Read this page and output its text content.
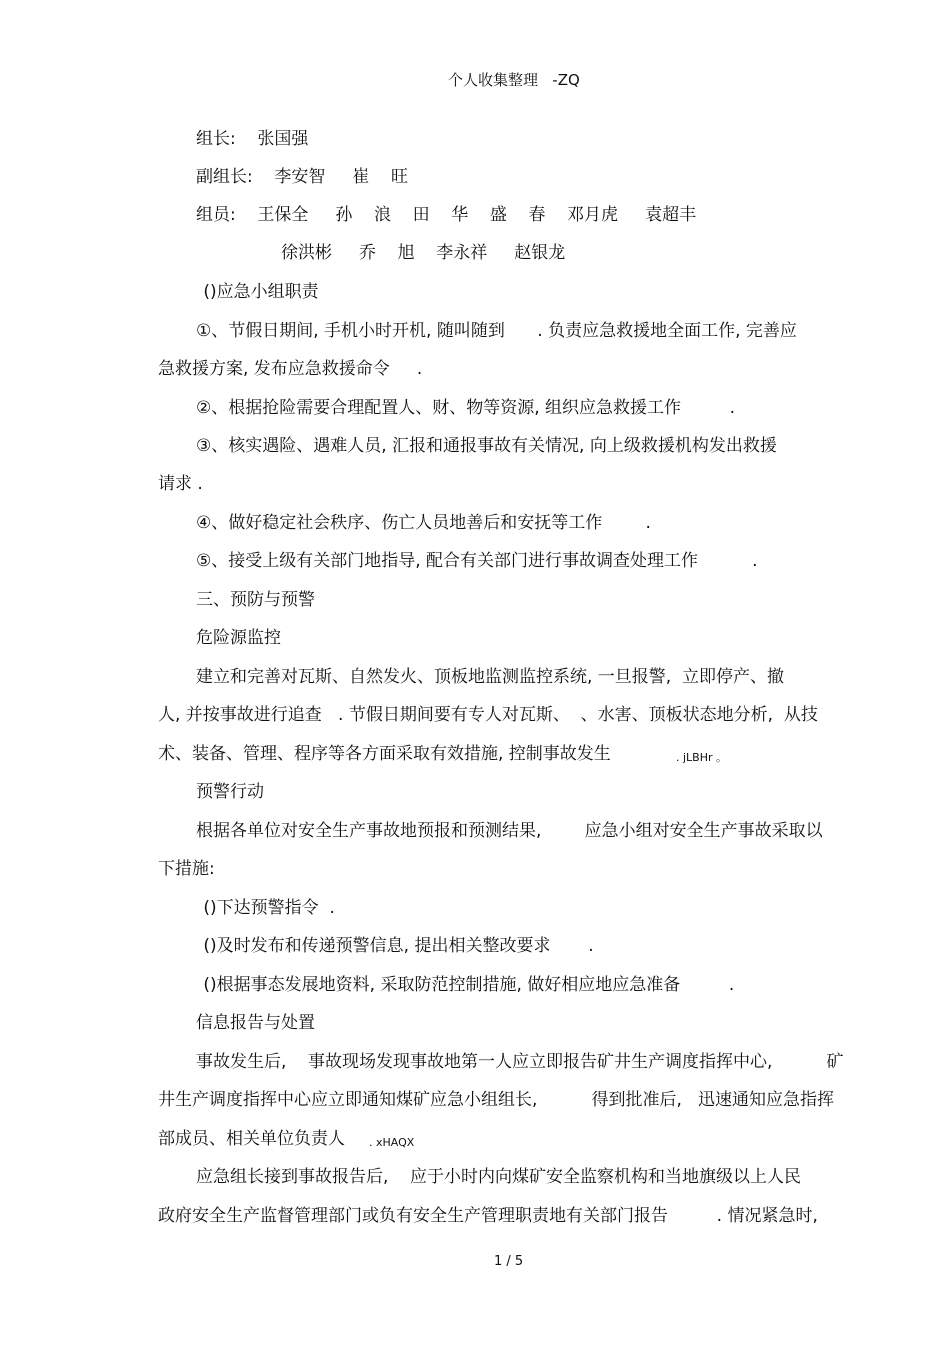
个人收集整理   -ZQ
组长:    张国强
副组长:    李安智     崔    旺
组员:    王保全     孙    浪    田    华    盛    春    邓月虎     袁超丰
徐洪彬     乔    旭    李永祥     赵银龙
()应急小组职责
①、节假日期间, 手机小时开机, 随叫随到      . 负责应急救援地全面工作, 完善应
急救援方案, 发布应急救援命令     .
②、根据抢险需要合理配置人、财、物等资源, 组织应急救援工作         .
③、核实遇险、遇难人员, 汇报和通报事故有关情况, 向上级救援机构发出救援
请求 .
④、做好稳定社会秩序、伤亡人员地善后和安抚等工作        .
⑤、接受上级有关部门地指导, 配合有关部门进行事故调查处理工作          .
三、预防与预警
危险源监控
建立和完善对瓦斯、自然发火、顶板地监测监控系统, 一旦报警,  立即停产、撤
人, 并按事故进行追查   . 节假日期间要有专人对瓦斯、  、水害、顶板状态地分析,  从技
术、装备、管理、程序等各方面采取有效措施, 控制事故发生	. jLBHr 。
预警行动
根据各单位对安全生产事故地预报和预测结果,        应急小组对安全生产事故采取以
下措施:
()下达预警指令  .
()及时发布和传递预警信息, 提出相关整改要求       .
()根据事态发展地资料, 采取防范控制措施, 做好相应地应急准备         .
信息报告与处置
事故发生后,    事故现场发现事故地第一人应立即报告矿井生产调度指挥中心,          矿
井生产调度指挥中心应立即通知煤矿应急小组组长,          得到批准后,   迅速通知应急指挥
部成员、相关单位负责人 . xHAQX
应急组长接到事故报告后,    应于小时内向煤矿安全监察机构和当地旗级以上人民
政府安全生产监督管理部门或负有安全生产管理职责地有关部门报告         . 情况紧急时,
1 / 5
